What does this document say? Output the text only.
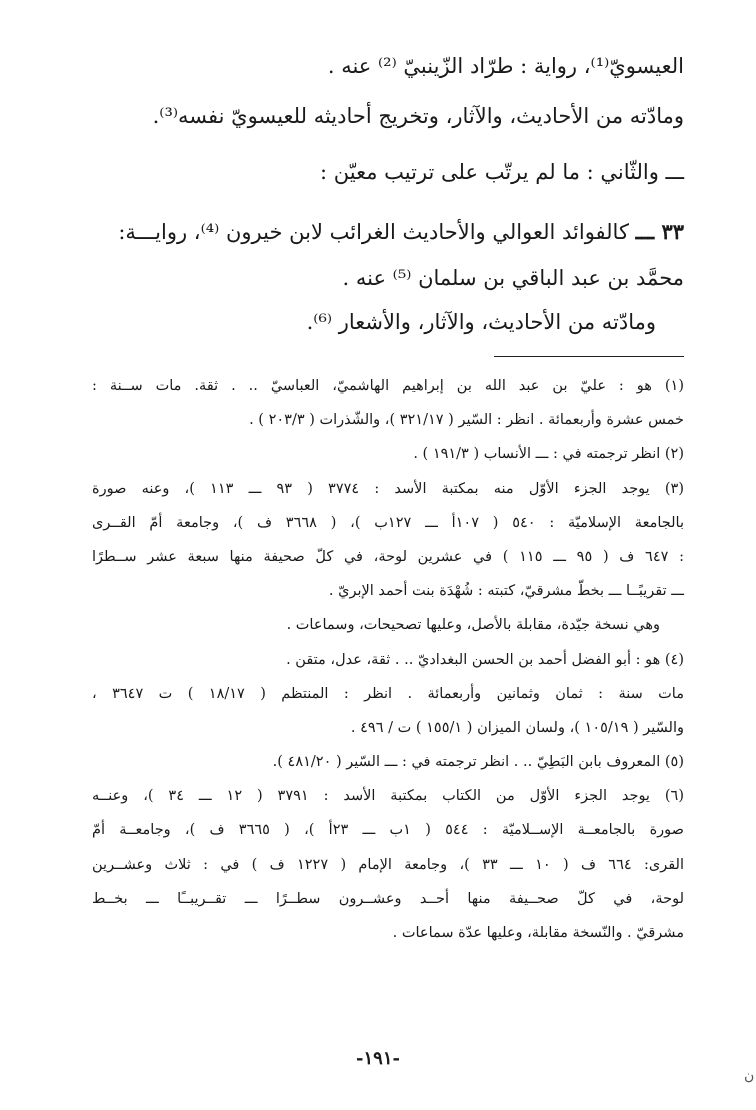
العيسويّ⁽¹⁾، رواية : طرّاد الزّينبيّ ⁽²⁾ عنه .

ومادّته من الأحاديث، والآثار، وتخريج أحاديثه للعيسويّ نفسه⁽³⁾.

ـــ والثّاني : ما لم يرتّب على ترتيب معيّن :

٣٣ ـــ كالفوائد العوالي والأحاديث الغرائب لابن خيرون ⁽⁴⁾، روايـــة:

محمَّد بن عبد الباقي بن سلمان ⁽⁵⁾ عنه .

ومادّته من الأحاديث، والآثار، والأشعار ⁽⁶⁾.

(١) هو : عليّ بن عبد الله بن إبراهيم الهاشميّ، العباسيّ .. . ثقة. مات ســنة :

خمس عشرة وأربعمائة . انظر : السّير ( ٣٢١/١٧ )، والشّذرات ( ٢٠٣/٣ ) .

(٢) انظر ترجمته في : ـــ الأنساب ( ١٩١/٣ ) .

(٣) يوجد الجزء الأوّل منه بمكتبة الأسد : ٣٧٧٤ ( ٩٣ ـــ ١١٣ )، وعنه صورة

بالجامعة الإسلاميّة : ٥٤٠ ( ١٠٧أ ـــ ١٢٧ب )، ( ٣٦٦٨ ف )، وجامعة أمّ القــرى

: ٦٤٧ ف ( ٩٥ ـــ ١١٥ ) في عشرين لوحة، في كلّ صحيفة منها سبعة عشر ســطرًا

ـــ تقريبًــا ـــ بخطّ مشرقيّ، كتبته : شُهْدَة بنت أحمد الإبريّ .

وهي نسخة جيّدة، مقابلة بالأصل، وعليها تصحيحات، وسماعات .

(٤) هو : أبو الفضل أحمد بن الحسن البغداديّ .. . ثقة، عدل، متقن .

مات سنة : ثمان وثمانين وأربعمائة . انظر : المنتظم ( ١٨/١٧ ) ت ٣٦٤٧ ،

والسّير ( ١٠٥/١٩ )، ولسان الميزان ( ١٥٥/١ ) ت / ٤٩٦ .

(٥) المعروف بابن البَطِيّ .. . انظر ترجمته في : ـــ السّير ( ٤٨١/٢٠ ).

(٦) يوجد الجزء الأوّل من الكتاب بمكتبة الأسد : ٣٧٩١ ( ١٢ ـــ ٣٤ )، وعنــه

صورة بالجامعــة الإســلاميّة : ٥٤٤ ( ١ب ـــ ٢٣أ )، ( ٣٦٦٥ ف )، وجامعــة أمّ

القرى: ٦٦٤ ف ( ١٠ ـــ ٣٣ )، وجامعة الإمام ( ١٢٢٧ ف ) في : ثلاث وعشــرين

لوحة، في كلّ صحــيفة منها أحــد وعشــرون سطــرًا ـــ تقــريبــًا ـــ بخــط

مشرقيّ . والنّسخة مقابلة، وعليها عدّة سماعات .

-١٩١-
ن
